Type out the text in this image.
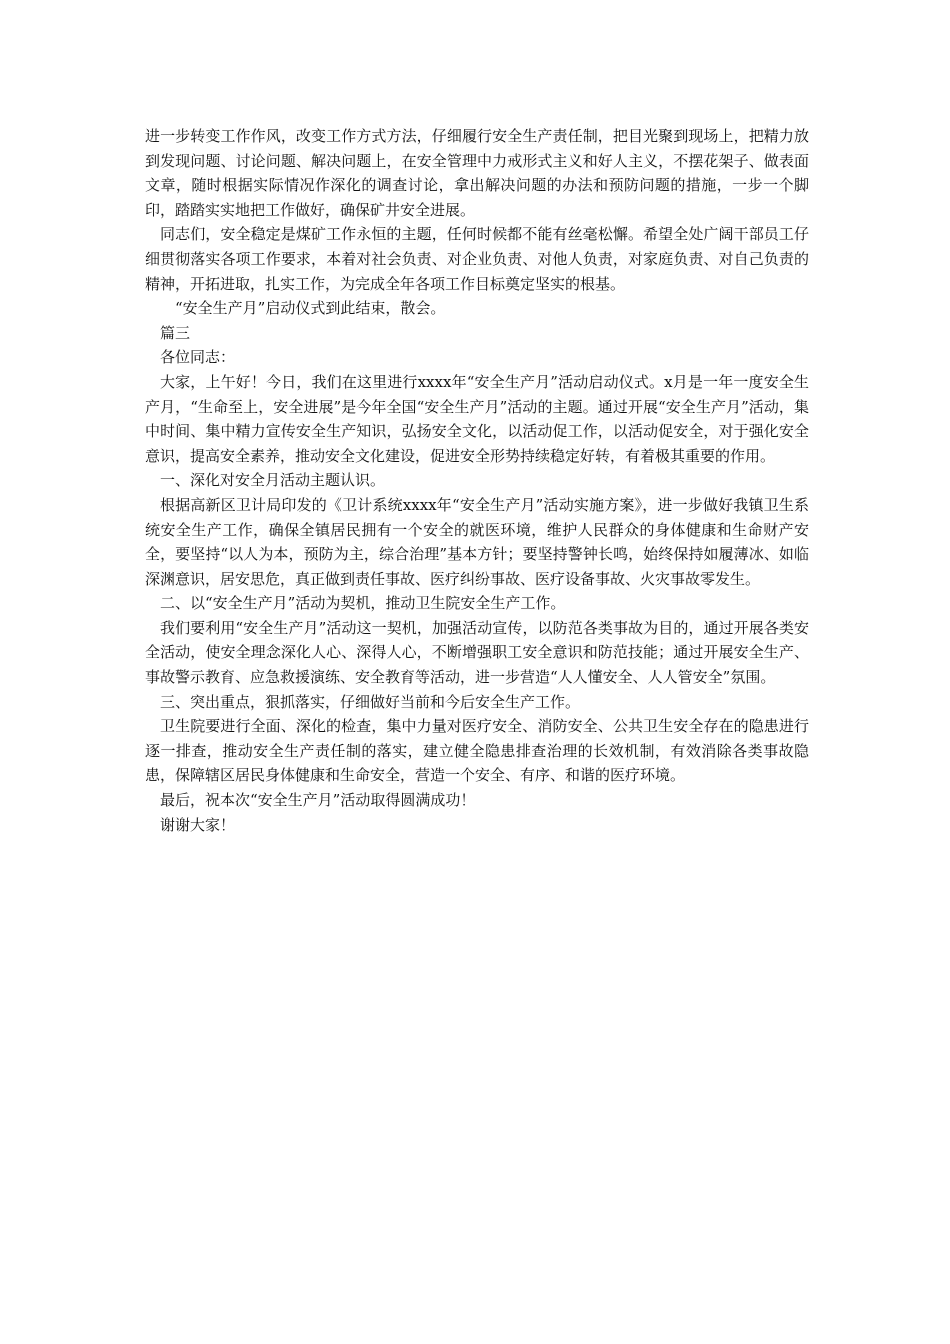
进一步转变工作作风，改变工作方式方法，仔细履行安全生产责任制，把目光聚到现场上，把精力放到发现问题、讨论问题、解决问题上，在安全管理中力戒形式主义和好人主义，不摆花架子、做表面文章，随时根据实际情况作深化的调查讨论，拿出解决问题的办法和预防问题的措施，一步一个脚印，踏踏实实地把工作做好，确保矿井安全进展。

同志们，安全稳定是煤矿工作永恒的主题，任何时候都不能有丝毫松懈。希望全处广阔干部员工仔细贯彻落实各项工作要求，本着对社会负责、对企业负责、对他人负责，对家庭负责、对自己负责的精神，开拓进取，扎实工作，为完成全年各项工作目标奠定坚实的根基。

“安全生产月”启动仪式到此结束，散会。

篇三

各位同志：

大家，上午好！今日，我们在这里进行xxxx年“安全生产月”活动启动仪式。x月是一年一度安全生产月，“生命至上，安全进展”是今年全国“安全生产月”活动的主题。通过开展“安全生产月”活动，集中时间、集中精力宣传安全生产知识，弘扬安全文化，以活动促工作，以活动促安全，对于强化安全意识，提高安全素养，推动安全文化建设，促进安全形势持续稳定好转，有着极其重要的作用。

一、深化对安全月活动主题认识。

根据高新区卫计局印发的《卫计系统xxxx年“安全生产月”活动实施方案》，进一步做好我镇卫生系统安全生产工作，确保全镇居民拥有一个安全的就医环境，维护人民群众的身体健康和生命财产安全，要坚持“以人为本，预防为主，综合治理”基本方针；要坚持警钟长鸣，始终保持如履薄冰、如临深渊意识，居安思危，真正做到责任事故、医疗纠纷事故、医疗设备事故、火灾事故零发生。

二、以“安全生产月”活动为契机，推动卫生院安全生产工作。

我们要利用“安全生产月”活动这一契机，加强活动宣传，以防范各类事故为目的，通过开展各类安全活动，使安全理念深化人心、深得人心，不断增强职工安全意识和防范技能；通过开展安全生产、事故警示教育、应急救援演练、安全教育等活动，进一步营造“人人懂安全、人人管安全”氛围。

三、突出重点，狠抓落实，仔细做好当前和今后安全生产工作。

卫生院要进行全面、深化的检查，集中力量对医疗安全、消防安全、公共卫生安全存在的隐患进行逐一排查，推动安全生产责任制的落实，建立健全隐患排查治理的长效机制，有效消除各类事故隐患，保障辖区居民身体健康和生命安全，营造一个安全、有序、和谐的医疗环境。

最后，祝本次“安全生产月”活动取得圆满成功！

谢谢大家！
